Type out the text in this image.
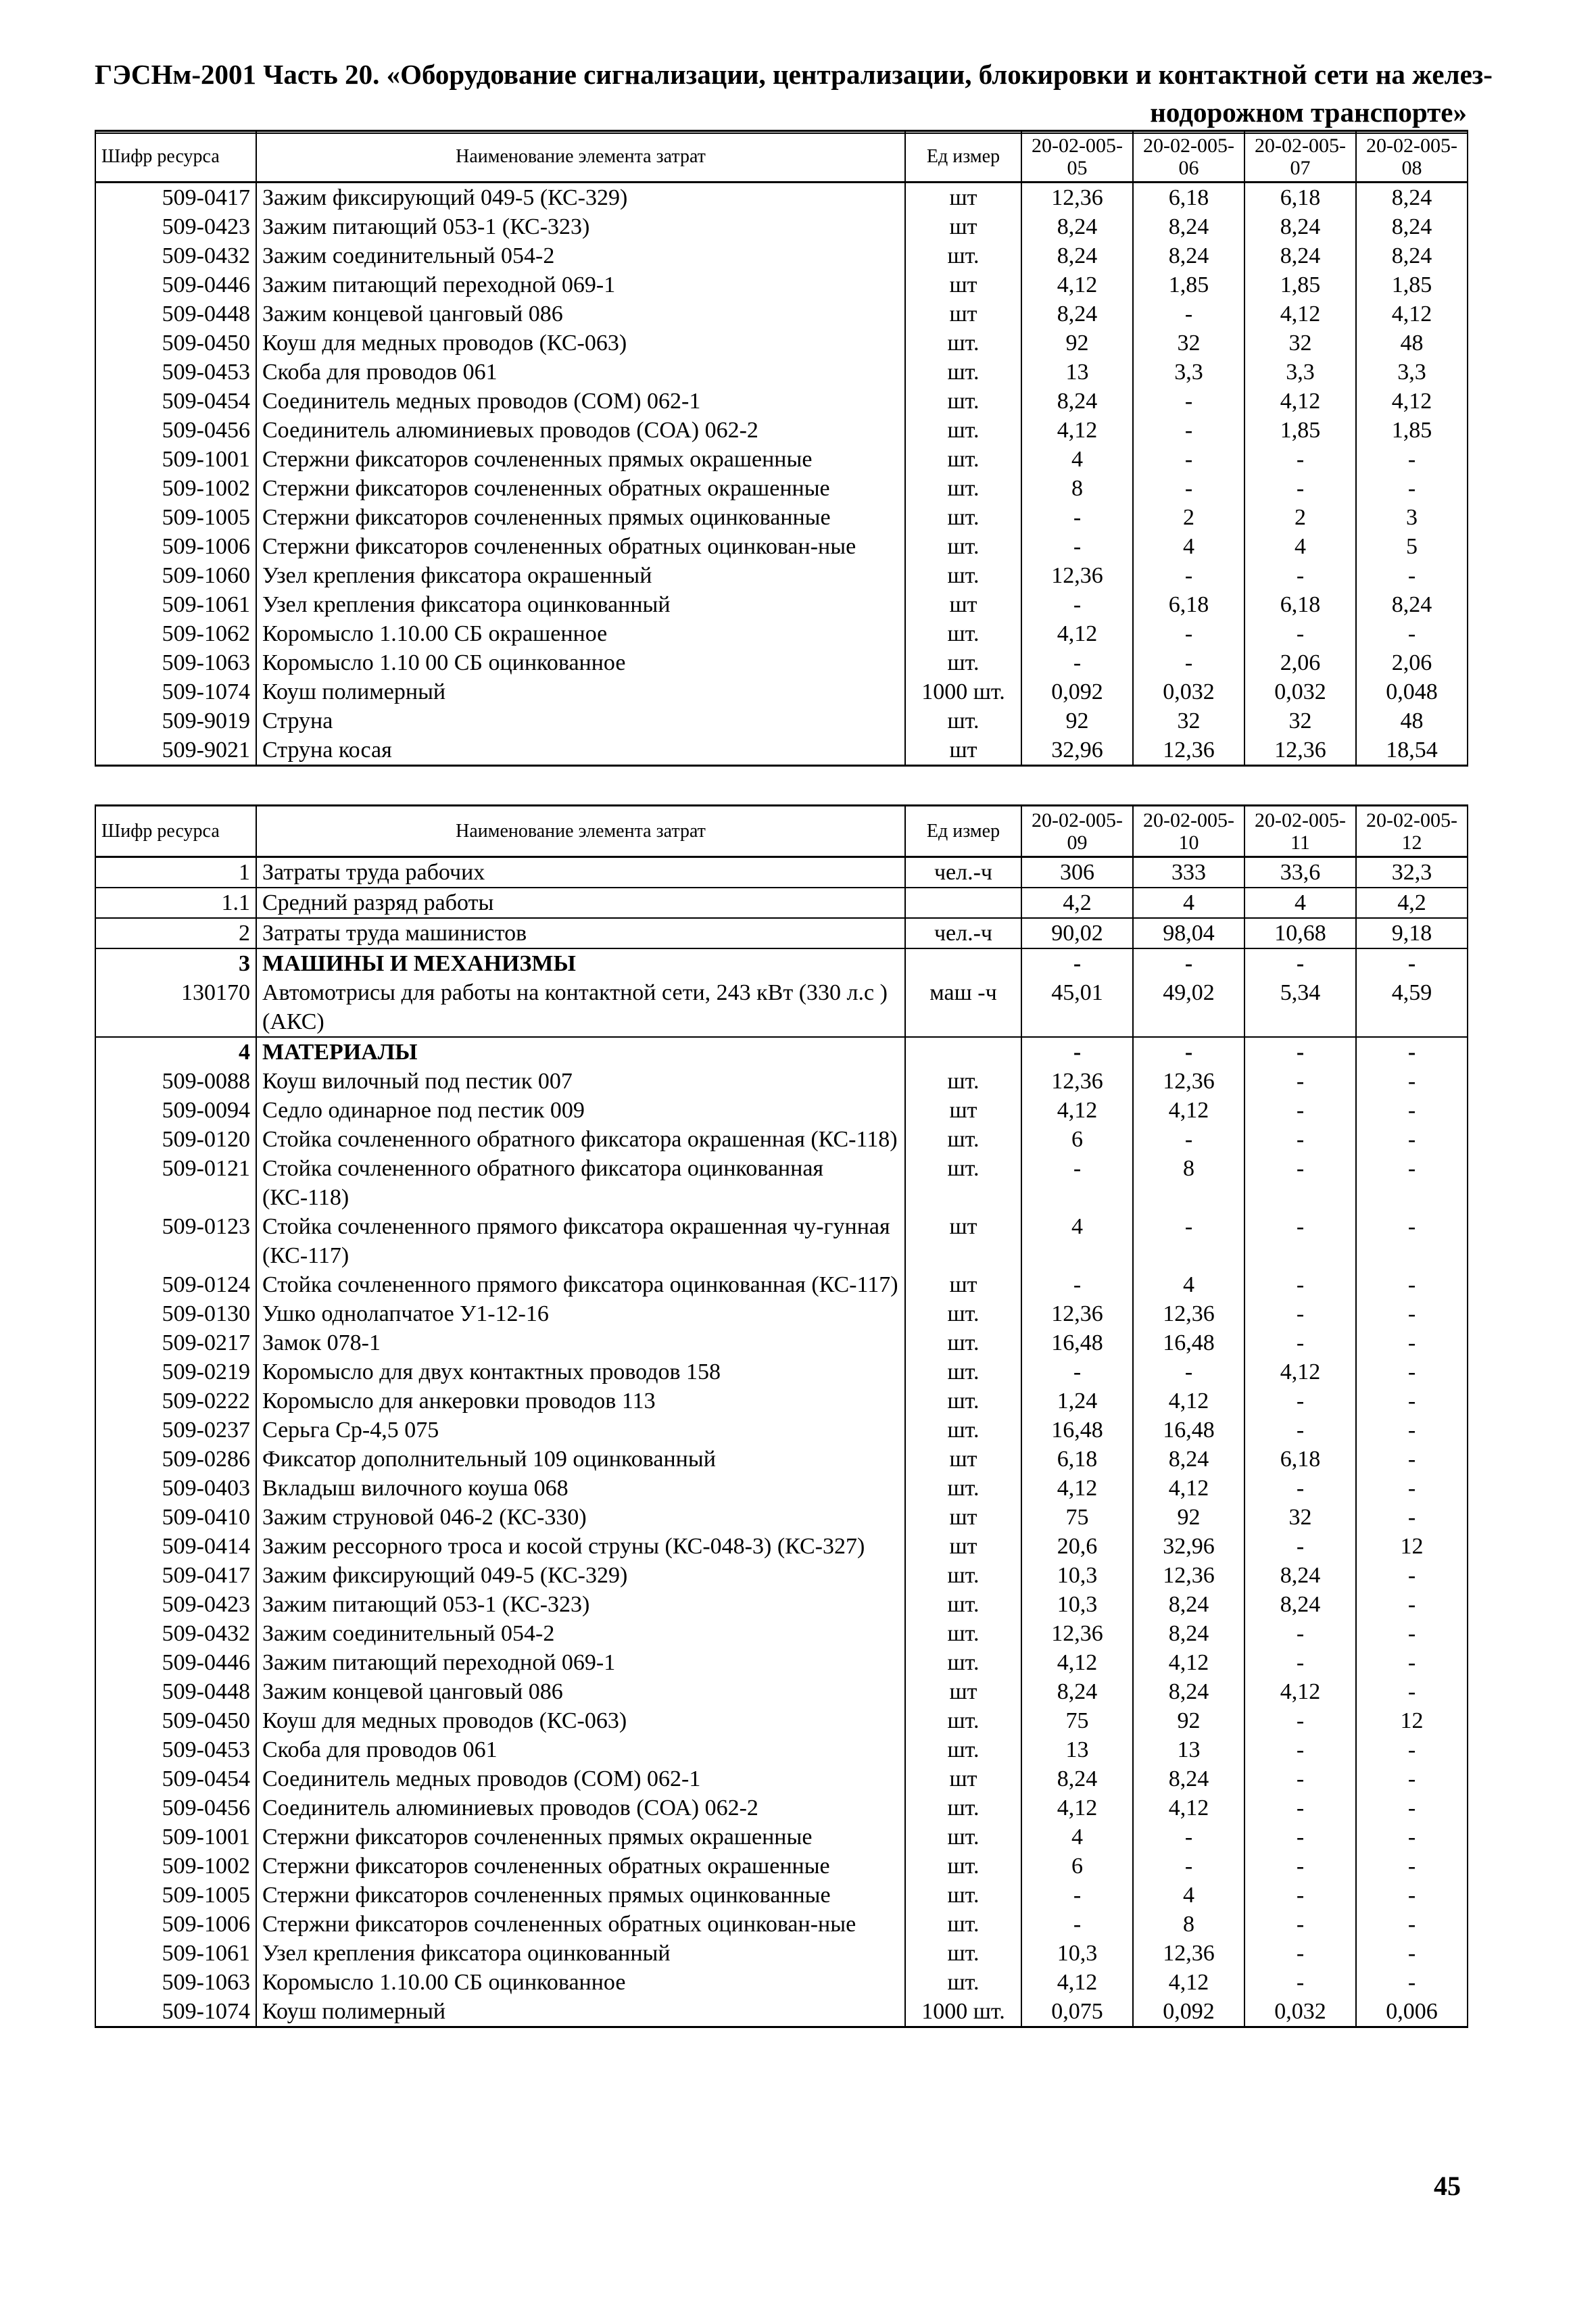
ГЭСНм-2001 Часть 20. «Оборудование сигнализации, централизации, блокировки и контактной сети на желез-
нодорожном транспорте»
Шифр ресурса	Наименование элемента затрат	Ед измер	20-02-005-05	20-02-005-06	20-02-005-07	20-02-005-08
509-0417	Зажим фиксирующий 049-5 (КС-329)	шт	12,36	6,18	6,18	8,24
509-0423	Зажим питающий 053-1 (КС-323)	шт	8,24	8,24	8,24	8,24
509-0432	Зажим соединительный 054-2	шт.	8,24	8,24	8,24	8,24
509-0446	Зажим питающий переходной 069-1	шт	4,12	1,85	1,85	1,85
509-0448	Зажим концевой цанговый 086	шт	8,24	-	4,12	4,12
509-0450	Коуш для медных проводов (КС-063)	шт.	92	32	32	48
509-0453	Скоба для проводов 061	шт.	13	3,3	3,3	3,3
509-0454	Соединитель медных проводов (СОМ) 062-1	шт.	8,24	-	4,12	4,12
509-0456	Соединитель алюминиевых проводов (СОА) 062-2	шт.	4,12	-	1,85	1,85
509-1001	Стержни фиксаторов сочлененных прямых окрашенные	шт.	4	-	-	-
509-1002	Стержни фиксаторов сочлененных обратных окрашенные	шт.	8	-	-	-
509-1005	Стержни фиксаторов сочлененных прямых оцинкованные	шт.	-	2	2	3
509-1006	Стержни фиксаторов сочлененных обратных оцинкован-ные	шт.	-	4	4	5
509-1060	Узел крепления фиксатора окрашенный	шт.	12,36	-	-	-
509-1061	Узел крепления фиксатора оцинкованный	шт	-	6,18	6,18	8,24
509-1062	Коромысло 1.10.00 СБ окрашенное	шт.	4,12	-	-	-
509-1063	Коромысло 1.10 00 СБ оцинкованное	шт.	-	-	2,06	2,06
509-1074	Коуш полимерный	1000 шт.	0,092	0,032	0,032	0,048
509-9019	Струна	шт.	92	32	32	48
509-9021	Струна косая	шт	32,96	12,36	12,36	18,54
Шифр ресурса	Наименование элемента затрат	Ед измер	20-02-005-09	20-02-005-10	20-02-005-11	20-02-005-12
1	Затраты труда рабочих	чел.-ч	306	333	33,6	32,3
1.1	Средний разряд работы		4,2	4	4	4,2
2	Затраты труда машинистов	чел.-ч	90,02	98,04	10,68	9,18
3	МАШИНЫ И МЕХАНИЗМЫ		-	-	-	-
130170	Автомотрисы для работы на контактной сети, 243 кВт (330 л.с ) (АКС)	маш -ч	45,01	49,02	5,34	4,59
4	МАТЕРИАЛЫ		-	-	-	-
509-0088	Коуш вилочный под пестик 007	шт.	12,36	12,36	-	-
509-0094	Седло одинарное под пестик 009	шт	4,12	4,12	-	-
509-0120	Стойка сочлененного обратного фиксатора окрашенная (КС-118)	шт.	6	-	-	-
509-0121	Стойка сочлененного обратного фиксатора оцинкованная (КС-118)	шт.	-	8	-	-
509-0123	Стойка сочлененного прямого фиксатора окрашенная чу-гунная (КС-117)	шт	4	-	-	-
509-0124	Стойка сочлененного прямого фиксатора оцинкованная (КС-117)	шт	-	4	-	-
509-0130	Ушко однолапчатое У1-12-16	шт.	12,36	12,36	-	-
509-0217	Замок 078-1	шт.	16,48	16,48	-	-
509-0219	Коромысло для двух контактных проводов 158	шт.	-	-	4,12	-
509-0222	Коромысло для анкеровки проводов 113	шт.	1,24	4,12	-	-
509-0237	Серьга Ср-4,5 075	шт.	16,48	16,48	-	-
509-0286	Фиксатор дополнительный 109 оцинкованный	шт	6,18	8,24	6,18	-
509-0403	Вкладыш вилочного коуша 068	шт.	4,12	4,12	-	-
509-0410	Зажим струновой 046-2 (КС-330)	шт	75	92	32	-
509-0414	Зажим рессорного троса и косой струны (КС-048-3) (КС-327)	шт	20,6	32,96	-	12
509-0417	Зажим фиксирующий 049-5 (КС-329)	шт.	10,3	12,36	8,24	-
509-0423	Зажим питающий 053-1 (КС-323)	шт.	10,3	8,24	8,24	-
509-0432	Зажим соединительный 054-2	шт.	12,36	8,24	-	-
509-0446	Зажим питающий переходной 069-1	шт.	4,12	4,12	-	-
509-0448	Зажим концевой цанговый 086	шт	8,24	8,24	4,12	-
509-0450	Коуш для медных проводов (КС-063)	шт.	75	92	-	12
509-0453	Скоба для проводов 061	шт.	13	13	-	-
509-0454	Соединитель медных проводов (СОМ) 062-1	шт	8,24	8,24	-	-
509-0456	Соединитель алюминиевых проводов (СОА) 062-2	шт.	4,12	4,12	-	-
509-1001	Стержни фиксаторов сочлененных прямых окрашенные	шт.	4	-	-	-
509-1002	Стержни фиксаторов сочлененных обратных окрашенные	шт.	6	-	-	-
509-1005	Стержни фиксаторов сочлененных прямых оцинкованные	шт.	-	4	-	-
509-1006	Стержни фиксаторов сочлененных обратных оцинкован-ные	шт.	-	8	-	-
509-1061	Узел крепления фиксатора оцинкованный	шт.	10,3	12,36	-	-
509-1063	Коромысло 1.10.00 СБ оцинкованное	шт.	4,12	4,12	-	-
509-1074	Коуш полимерный	1000 шт.	0,075	0,092	0,032	0,006
45
